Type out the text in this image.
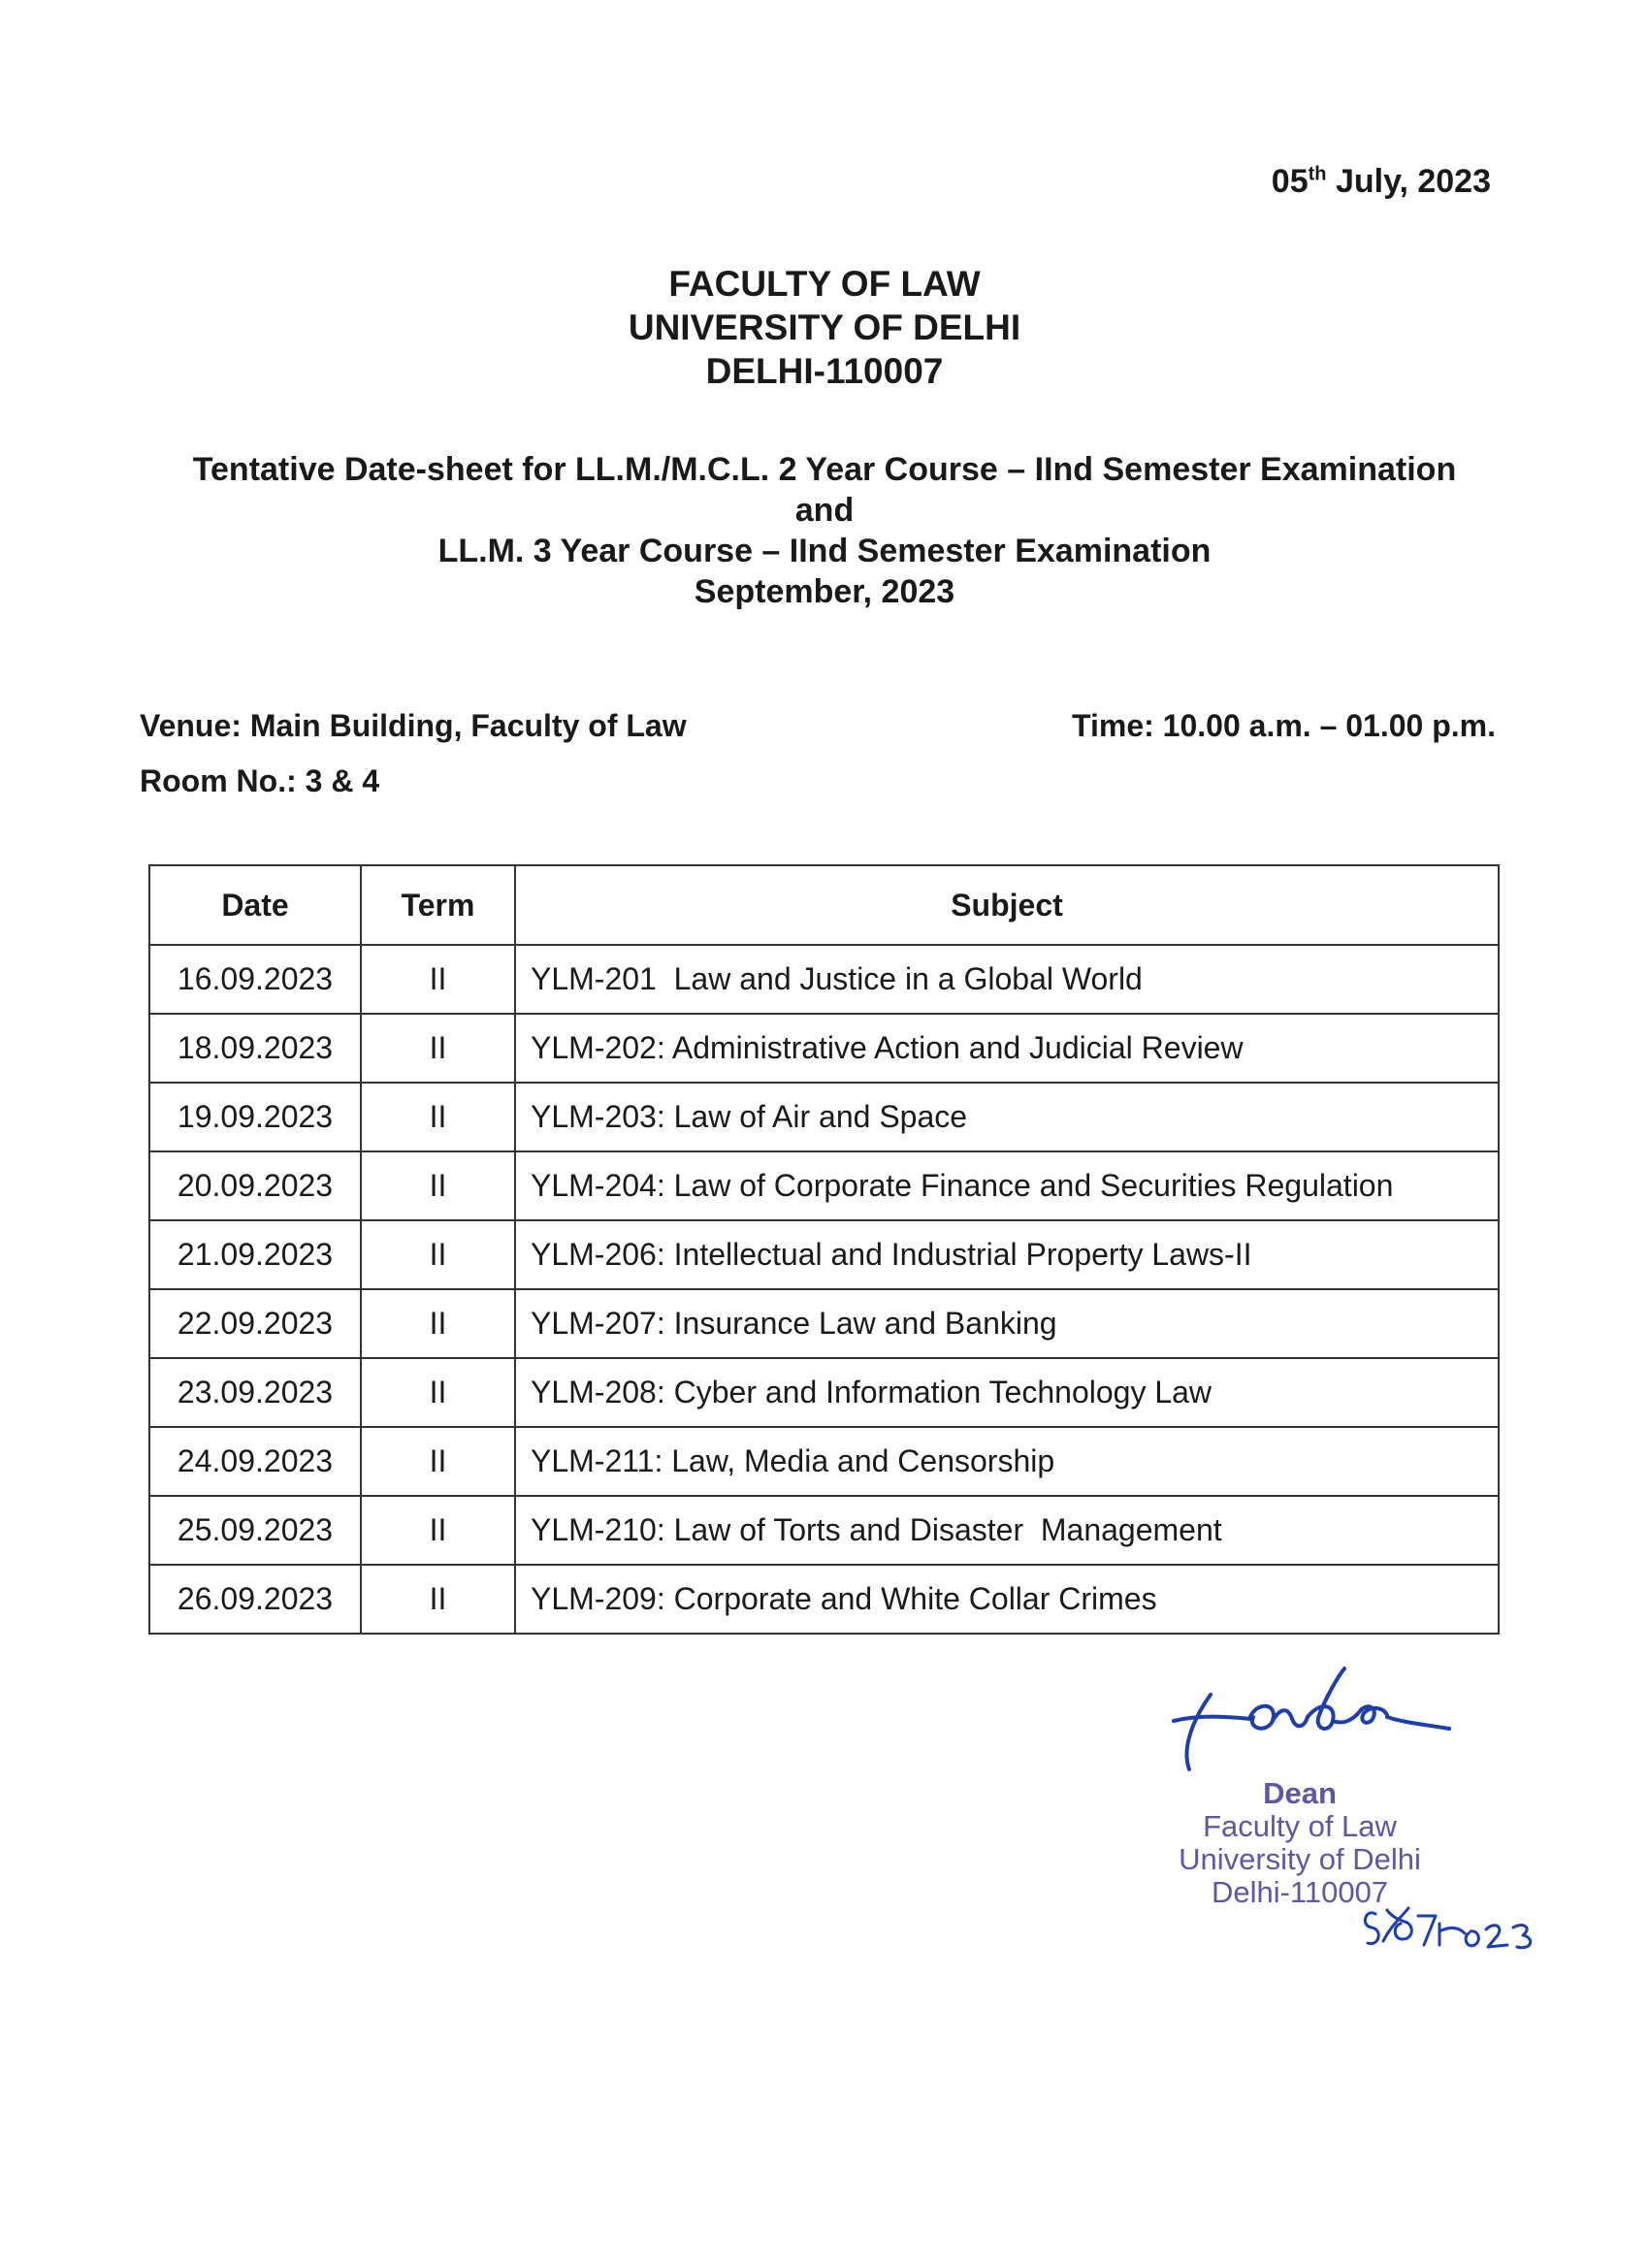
05th July, 2023
FACULTY OF LAW
UNIVERSITY OF DELHI
DELHI-110007
Tentative Date-sheet for LL.M./M.C.L. 2 Year Course – IInd Semester Examination
and
LL.M. 3 Year Course – IInd Semester Examination
September, 2023
Venue: Main Building, Faculty of Law	Time: 10.00 a.m. – 01.00 p.m.
Room No.: 3 & 4
Date	Term	Subject
16.09.2023	II	YLM-201  Law and Justice in a Global World
18.09.2023	II	YLM-202: Administrative Action and Judicial Review
19.09.2023	II	YLM-203: Law of Air and Space
20.09.2023	II	YLM-204: Law of Corporate Finance and Securities Regulation
21.09.2023	II	YLM-206: Intellectual and Industrial Property Laws-II
22.09.2023	II	YLM-207: Insurance Law and Banking
23.09.2023	II	YLM-208: Cyber and Information Technology Law
24.09.2023	II	YLM-211: Law, Media and Censorship
25.09.2023	II	YLM-210: Law of Torts and Disaster  Management
26.09.2023	II	YLM-209: Corporate and White Collar Crimes
Dean
Faculty of Law
University of Delhi
Delhi-110007
